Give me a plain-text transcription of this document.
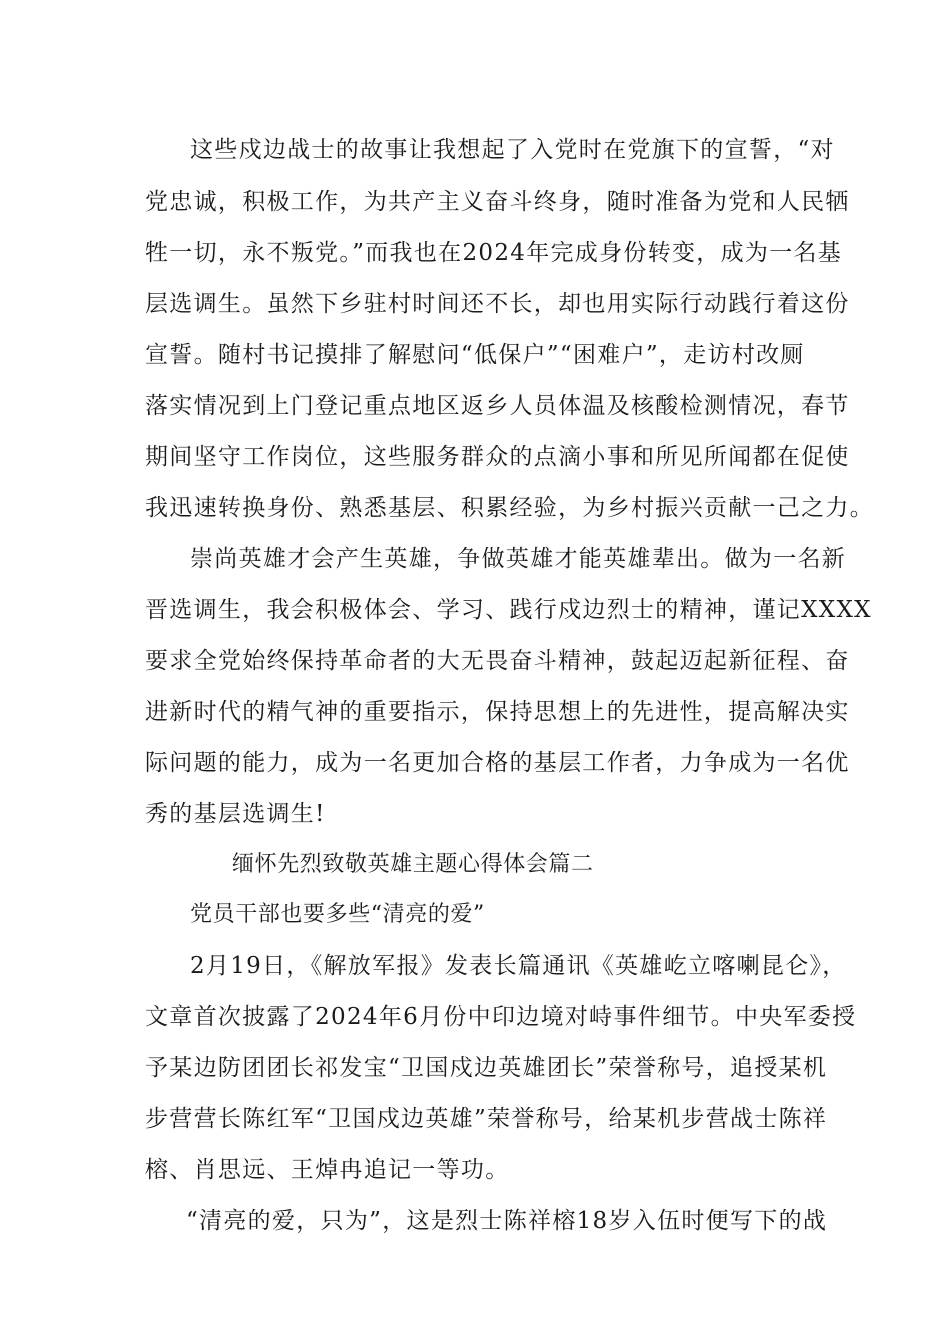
这些戍边战士的故事让我想起了入党时在党旗下的宣誓，“对
党忠诚，积极工作，为共产主义奋斗终身，随时准备为党和人民牺
牲一切，永不叛党。”而我也在2024年完成身份转变，成为一名基
层选调生。虽然下乡驻村时间还不长，却也用实际行动践行着这份
宣誓。随村书记摸排了解慰问“低保户”“困难户”，走访村改厕
落实情况到上门登记重点地区返乡人员体温及核酸检测情况，春节
期间坚守工作岗位，这些服务群众的点滴小事和所见所闻都在促使
我迅速转换身份、熟悉基层、积累经验，为乡村振兴贡献一己之力。
崇尚英雄才会产生英雄，争做英雄才能英雄辈出。做为一名新
晋选调生，我会积极体会、学习、践行戍边烈士的精神，谨记XXXX
要求全党始终保持革命者的大无畏奋斗精神，鼓起迈起新征程、奋
进新时代的精气神的重要指示，保持思想上的先进性，提高解决实
际问题的能力，成为一名更加合格的基层工作者，力争成为一名优
秀的基层选调生!
缅怀先烈致敬英雄主题心得体会篇二
党员干部也要多些“清亮的爱”
2月19日，《解放军报》发表长篇通讯《英雄屹立喀喇昆仑》，
文章首次披露了2024年6月份中印边境对峙事件细节。中央军委授
予某边防团团长祁发宝“卫国戍边英雄团长”荣誉称号，追授某机
步营营长陈红军“卫国戍边英雄”荣誉称号，给某机步营战士陈祥
榕、肖思远、王焯冉追记一等功。
“清亮的爱，只为”，这是烈士陈祥榕18岁入伍时便写下的战
